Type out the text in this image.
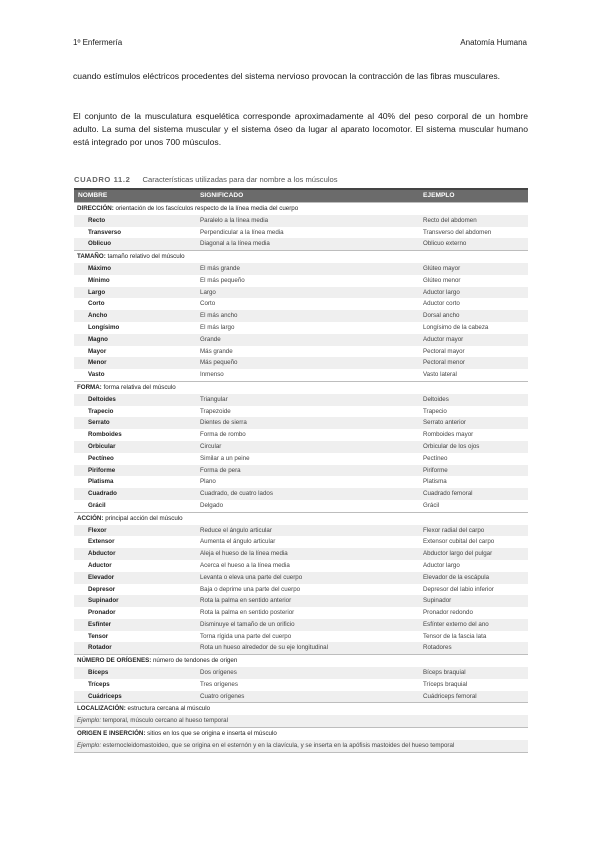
1º Enfermería	Anatomía Humana

cuando estímulos eléctricos procedentes del sistema nervioso provocan la contracción de las fibras musculares.

El conjunto de la musculatura esquelética corresponde aproximadamente al 40% del peso corporal de un hombre adulto. La suma del sistema muscular y el sistema óseo da lugar al aparato locomotor. El sistema muscular humano está integrado por unos 700 músculos.

CUADRO 11.2 Características utilizadas para dar nombre a los músculos
NOMBRE	SIGNIFICADO	EJEMPLO
DIRECCIÓN: orientación de los fascículos respecto de la línea media del cuerpo
Recto	Paralelo a la línea media	Recto del abdomen
Transverso	Perpendicular a la línea media	Transverso del abdomen
Oblicuo	Diagonal a la línea media	Oblicuo externo
TAMAÑO: tamaño relativo del músculo
Máximo	El más grande	Glúteo mayor
Mínimo	El más pequeño	Glúteo menor
Largo	Largo	Aductor largo
Corto	Corto	Aductor corto
Ancho	El más ancho	Dorsal ancho
Longísimo	El más largo	Longísimo de la cabeza
Magno	Grande	Aductor mayor
Mayor	Más grande	Pectoral mayor
Menor	Más pequeño	Pectoral menor
Vasto	Inmenso	Vasto lateral
FORMA: forma relativa del músculo
Deltoides	Triangular	Deltoides
Trapecio	Trapezoide	Trapecio
Serrato	Dientes de sierra	Serrato anterior
Romboides	Forma de rombo	Romboides mayor
Orbicular	Circular	Orbicular de los ojos
Pectíneo	Similar a un peine	Pectíneo
Piriforme	Forma de pera	Piriforme
Platisma	Plano	Platisma
Cuadrado	Cuadrado, de cuatro lados	Cuadrado femoral
Grácil	Delgado	Grácil
ACCIÓN: principal acción del músculo
Flexor	Reduce el ángulo articular	Flexor radial del carpo
Extensor	Aumenta el ángulo articular	Extensor cubital del carpo
Abductor	Aleja el hueso de la línea media	Abductor largo del pulgar
Aductor	Acerca el hueso a la línea media	Aductor largo
Elevador	Levanta o eleva una parte del cuerpo	Elevador de la escápula
Depresor	Baja o deprime una parte del cuerpo	Depresor del labio inferior
Supinador	Rota la palma en sentido anterior	Supinador
Pronador	Rota la palma en sentido posterior	Pronador redondo
Esfínter	Disminuye el tamaño de un orificio	Esfínter externo del ano
Tensor	Torna rígida una parte del cuerpo	Tensor de la fascia lata
Rotador	Rota un hueso alrededor de su eje longitudinal	Rotadores
NÚMERO DE ORÍGENES: número de tendones de origen
Bíceps	Dos orígenes	Bíceps braquial
Tríceps	Tres orígenes	Tríceps braquial
Cuádriceps	Cuatro orígenes	Cuádriceps femoral
LOCALIZACIÓN: estructura cercana al músculo
Ejemplo: temporal, músculo cercano al hueso temporal
ORIGEN E INSERCIÓN: sitios en los que se origina e inserta el músculo
Ejemplo: esternocleidomastoideo, que se origina en el esternón y en la clavícula, y se inserta en la apófisis mastoides del hueso temporal
